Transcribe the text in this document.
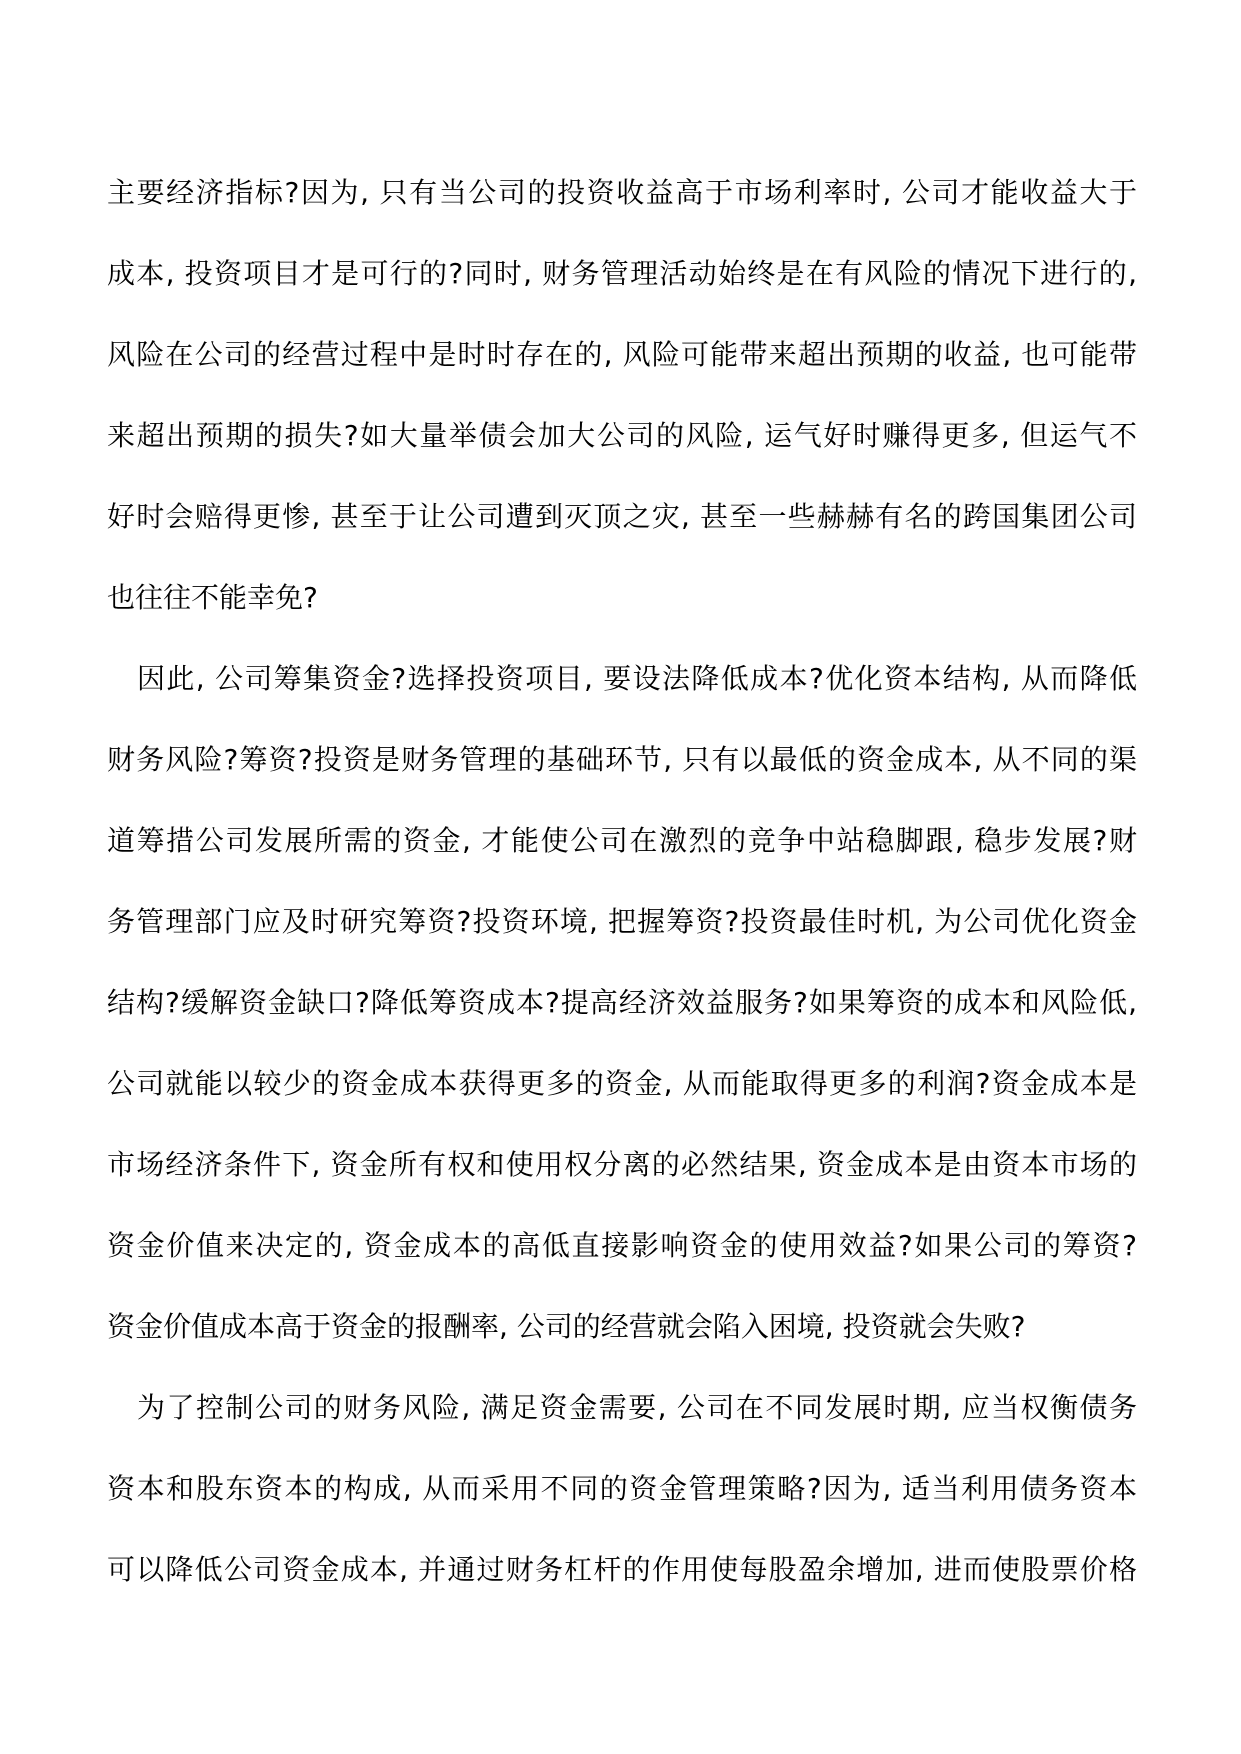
主要经济指标?因为, 只有当公司的投资收益高于市场利率时, 公司才能收益大于
成本, 投资项目才是可行的?同时, 财务管理活动始终是在有风险的情况下进行的,
风险在公司的经营过程中是时时存在的, 风险可能带来超出预期的收益, 也可能带
来超出预期的损失?如大量举债会加大公司的风险, 运气好时赚得更多, 但运气不
好时会赔得更惨, 甚至于让公司遭到灭顶之灾, 甚至一些赫赫有名的跨国集团公司
也往往不能幸免?
因此, 公司筹集资金?选择投资项目, 要设法降低成本?优化资本结构, 从而降低
财务风险?筹资?投资是财务管理的基础环节, 只有以最低的资金成本, 从不同的渠
道筹措公司发展所需的资金, 才能使公司在激烈的竞争中站稳脚跟, 稳步发展?财
务管理部门应及时研究筹资?投资环境, 把握筹资?投资最佳时机, 为公司优化资金
结构?缓解资金缺口?降低筹资成本?提高经济效益服务?如果筹资的成本和风险低,
公司就能以较少的资金成本获得更多的资金, 从而能取得更多的利润?资金成本是
市场经济条件下, 资金所有权和使用权分离的必然结果, 资金成本是由资本市场的
资金价值来决定的, 资金成本的高低直接影响资金的使用效益?如果公司的筹资?
资金价值成本高于资金的报酬率, 公司的经营就会陷入困境, 投资就会失败?
为了控制公司的财务风险, 满足资金需要, 公司在不同发展时期, 应当权衡债务
资本和股东资本的构成, 从而采用不同的资金管理策略?因为, 适当利用债务资本
可以降低公司资金成本, 并通过财务杠杆的作用使每股盈余增加, 进而使股票价格
